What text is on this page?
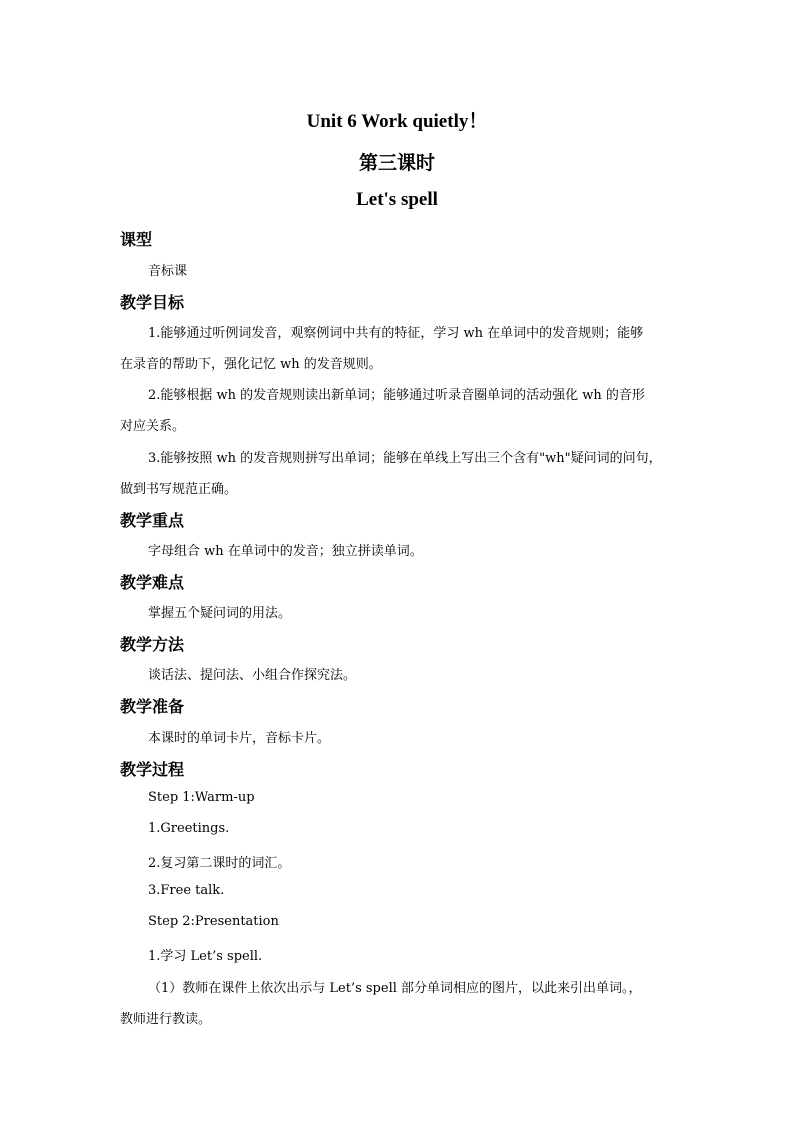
Unit 6 Work quietly！
第三课时
Let's spell
课型
音标课
教学目标
1.能够通过听例词发音，观察例词中共有的特征，学习 wh 在单词中的发音规则；能够
在录音的帮助下，强化记忆 wh 的发音规则。
2.能够根据 wh 的发音规则读出新单词；能够通过听录音圈单词的活动强化 wh 的音形
对应关系。
3.能够按照 wh 的发音规则拼写出单词；能够在单线上写出三个含有"wh"疑问词的问句，
做到书写规范正确。
教学重点
字母组合 wh 在单词中的发音；独立拼读单词。
教学难点
掌握五个疑问词的用法。
教学方法
谈话法、提问法、小组合作探究法。
教学准备
本课时的单词卡片，音标卡片。
教学过程
Step 1:Warm-up
1.Greetings.
2.复习第二课时的词汇。
3.Free talk.
Step 2:Presentation
1.学习 Let’s spell.
（1）教师在课件上依次出示与 Let’s spell 部分单词相应的图片，以此来引出单词。，
教师进行教读。
